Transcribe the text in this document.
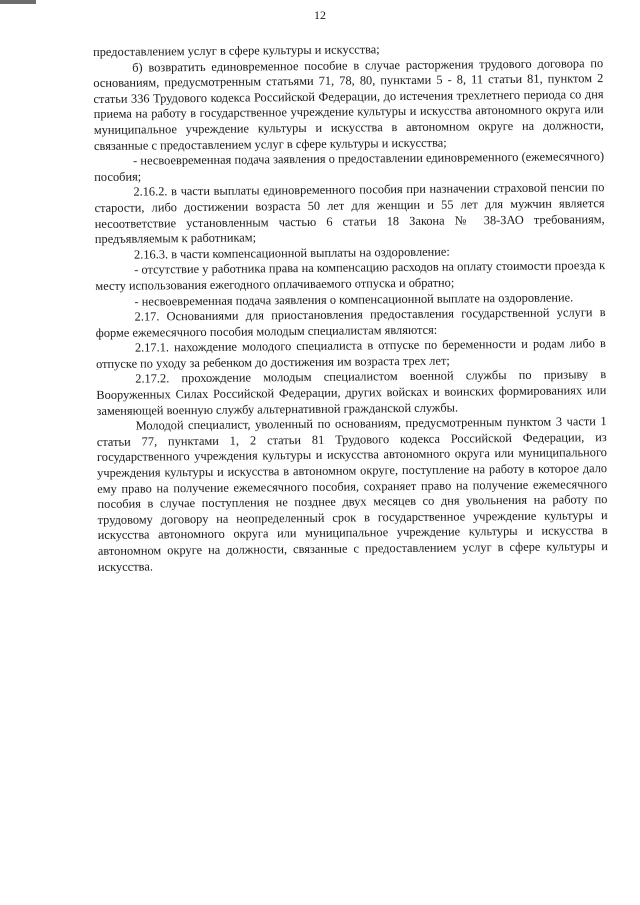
12

предоставлением услуг в сфере культуры и искусства;

б) возвратить единовременное пособие в случае расторжения трудового договора по основаниям, предусмотренным статьями 71, 78, 80, пунктами 5 - 8, 11 статьи 81, пунктом 2 статьи 336 Трудового кодекса Российской Федерации, до истечения трехлетнего периода со дня приема на работу в государственное учреждение культуры и искусства автономного округа или муниципальное учреждение культуры и искусства в автономном округе на должности, связанные с предоставлением услуг в сфере культуры и искусства;

- несвоевременная подача заявления о предоставлении единовременного (ежемесячного) пособия;

2.16.2. в части выплаты единовременного пособия при назначении страховой пенсии по старости, либо достижении возраста 50 лет для женщин и 55 лет для мужчин является несоответствие установленным частью 6 статьи 18 Закона № 38-ЗАО требованиям, предъявляемым к работникам;

2.16.3. в части компенсационной выплаты на оздоровление:

- отсутствие у работника права на компенсацию расходов на оплату стоимости проезда к месту использования ежегодного оплачиваемого отпуска и обратно;

- несвоевременная подача заявления о компенсационной выплате на оздоровление.

2.17. Основаниями для приостановления предоставления государственной услуги в форме ежемесячного пособия молодым специалистам являются:

2.17.1. нахождение молодого специалиста в отпуске по беременности и родам либо в отпуске по уходу за ребенком до достижения им возраста трех лет;

2.17.2. прохождение молодым специалистом военной службы по призыву в Вооруженных Силах Российской Федерации, других войсках и воинских формированиях или заменяющей военную службу альтернативной гражданской службы.

Молодой специалист, уволенный по основаниям, предусмотренным пунктом 3 части 1 статьи 77, пунктами 1, 2 статьи 81 Трудового кодекса Российской Федерации, из государственного учреждения культуры и искусства автономного округа или муниципального учреждения культуры и искусства в автономном округе, поступление на работу в которое дало ему право на получение ежемесячного пособия, сохраняет право на получение ежемесячного пособия в случае поступления не позднее двух месяцев со дня увольнения на работу по трудовому договору на неопределенный срок в государственное учреждение культуры и искусства автономного округа или муниципальное учреждение культуры и искусства в автономном округе на должности, связанные с предоставлением услуг в сфере культуры и искусства.
